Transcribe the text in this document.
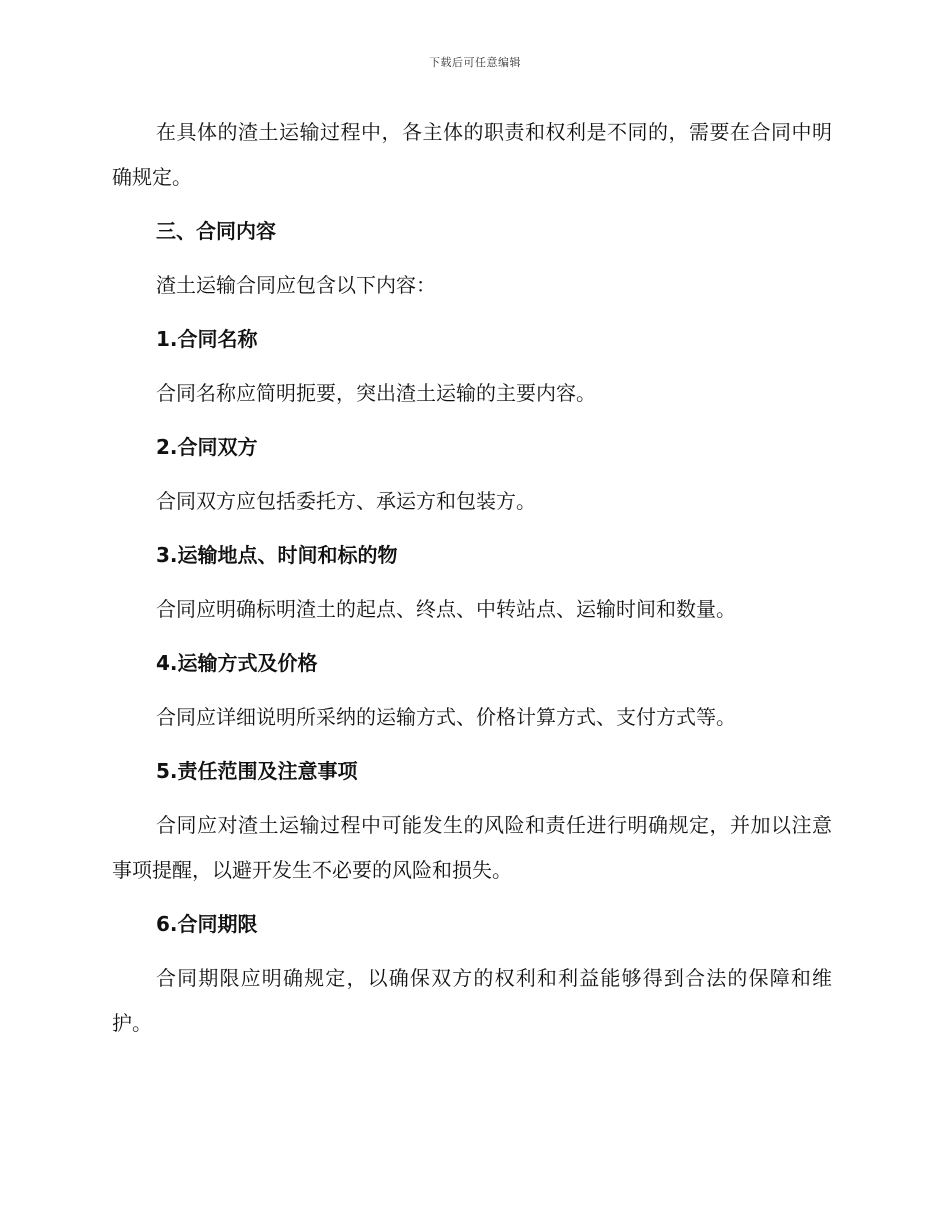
下载后可任意编辑

在具体的渣土运输过程中，各主体的职责和权利是不同的，需要在合同中明确规定。

三、合同内容

渣土运输合同应包含以下内容：

1.合同名称

合同名称应简明扼要，突出渣土运输的主要内容。

2.合同双方

合同双方应包括委托方、承运方和包装方。

3.运输地点、时间和标的物

合同应明确标明渣土的起点、终点、中转站点、运输时间和数量。

4.运输方式及价格

合同应详细说明所采纳的运输方式、价格计算方式、支付方式等。

5.责任范围及注意事项

合同应对渣土运输过程中可能发生的风险和责任进行明确规定，并加以注意事项提醒，以避开发生不必要的风险和损失。

6.合同期限

合同期限应明确规定，以确保双方的权利和利益能够得到合法的保障和维护。
